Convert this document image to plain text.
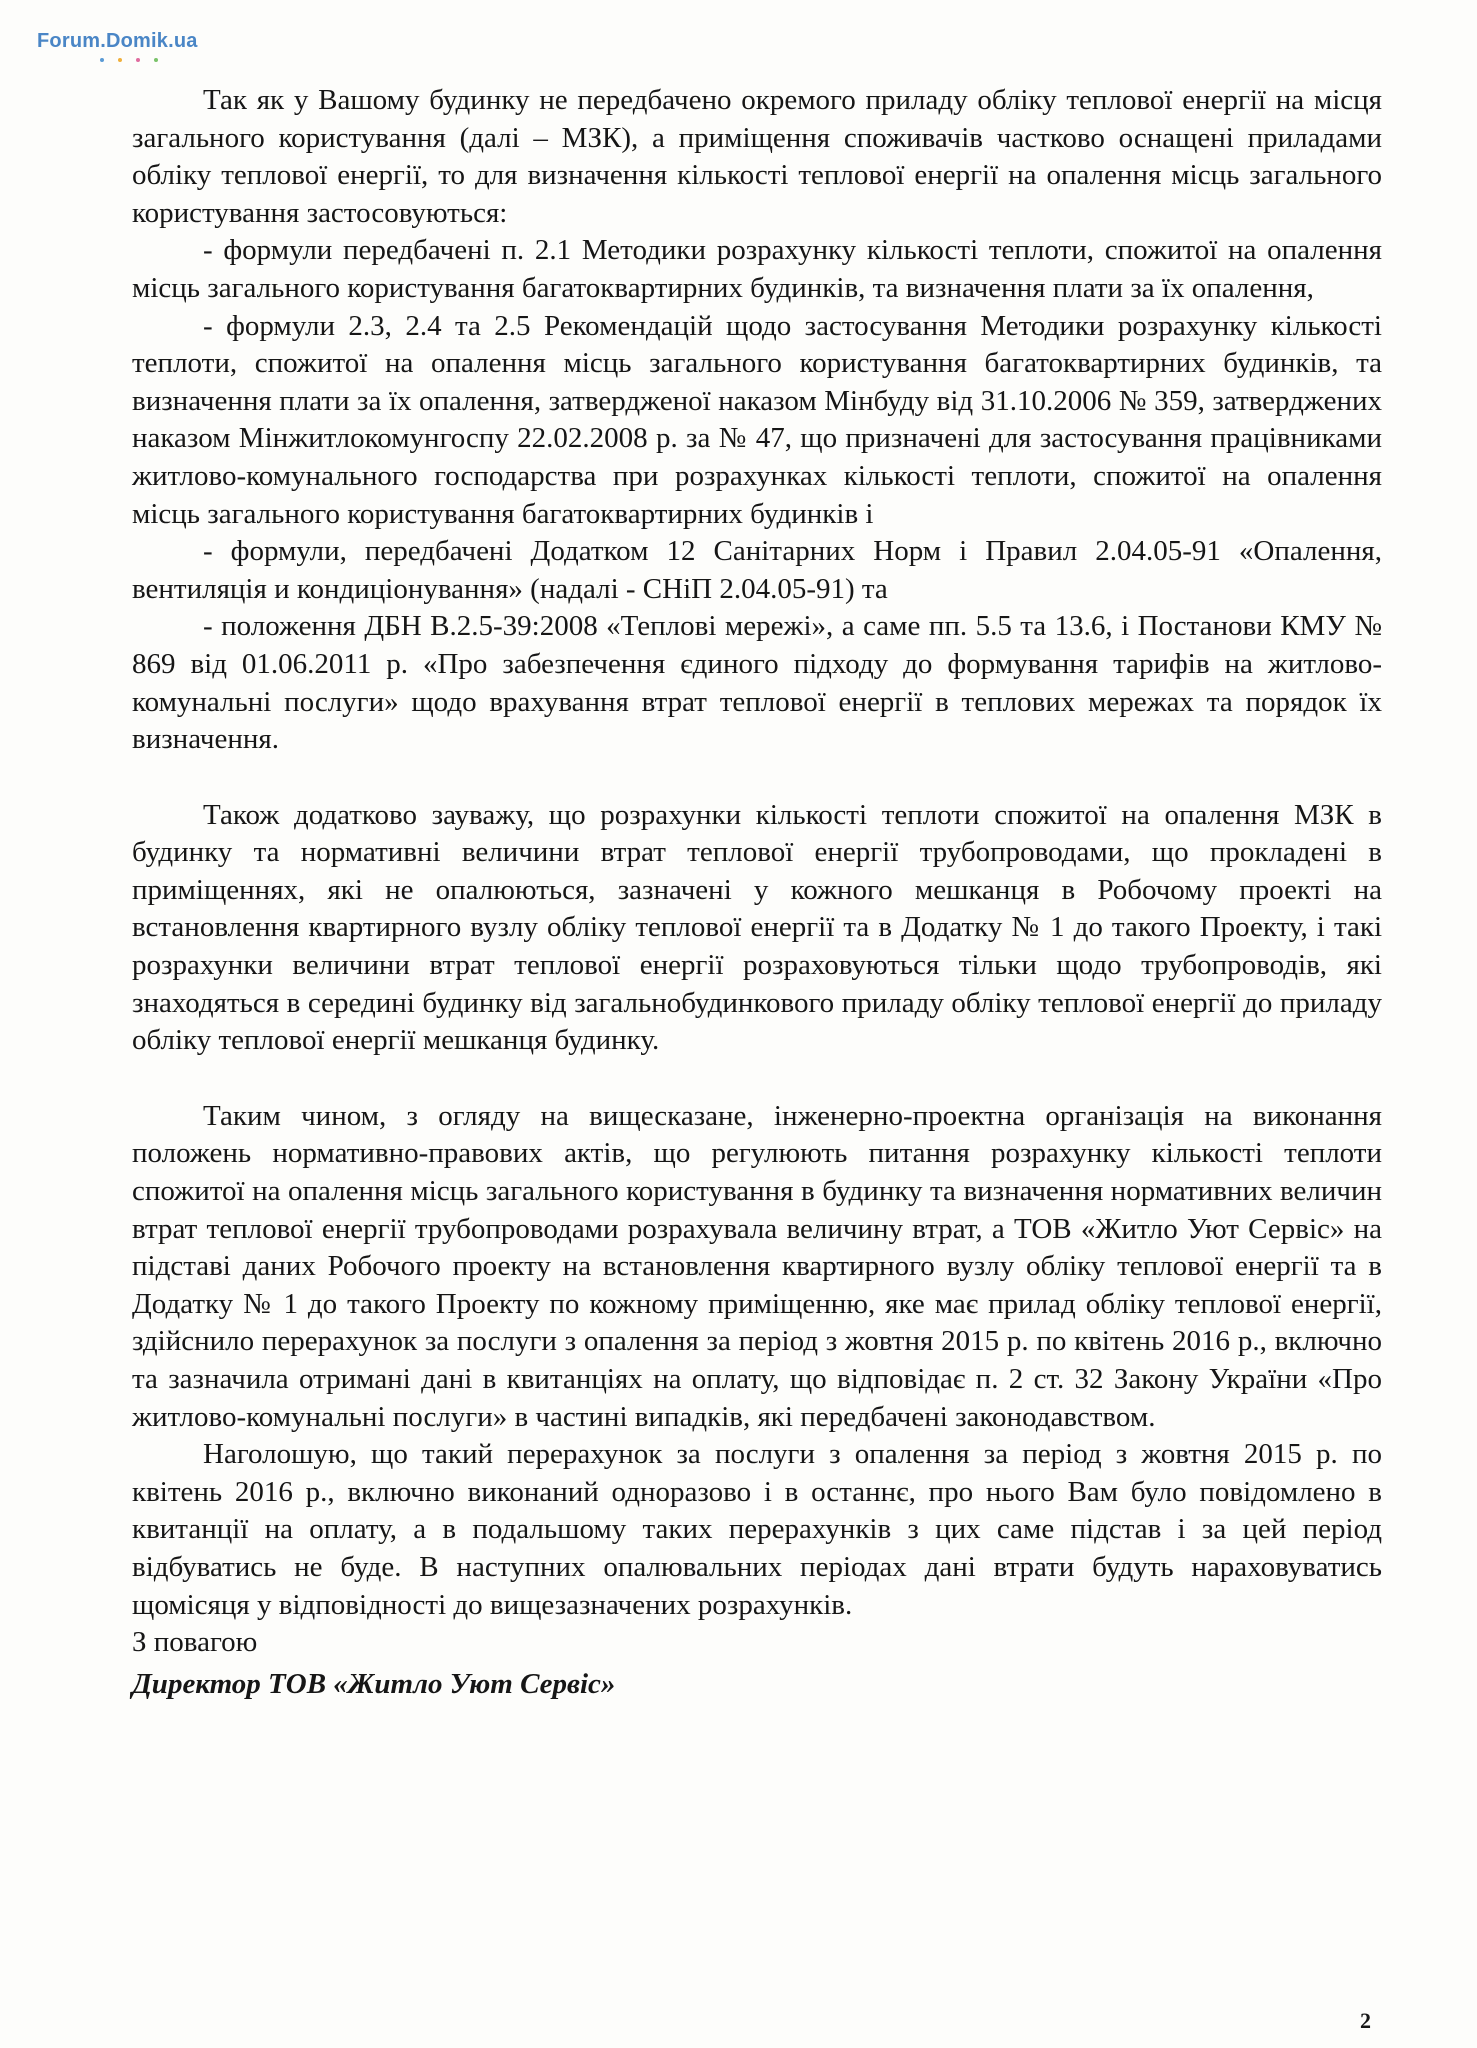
Forum.Domik.ua

Так як у Вашому будинку не передбачено окремого приладу обліку теплової енергії на місця загального користування (далі – МЗК), а приміщення споживачів частково оснащені приладами обліку теплової енергії, то для визначення кількості теплової енергії на опалення місць загального користування застосовуються:

- формули передбачені п. 2.1 Методики розрахунку кількості теплоти, спожитої на опалення місць загального користування багатоквартирних будинків, та визначення плати за їх опалення,

- формули 2.3, 2.4 та 2.5 Рекомендацій щодо застосування Методики розрахунку кількості теплоти, спожитої на опалення місць загального користування багатоквартирних будинків, та визначення плати за їх опалення, затвердженої наказом Мінбуду від 31.10.2006 № 359, затверджених наказом Мінжитлокомунгоспу 22.02.2008 р. за № 47, що призначені для застосування працівниками житлово-комунального господарства при розрахунках кількості теплоти, спожитої на опалення місць загального користування багатоквартирних будинків і

- формули, передбачені Додатком 12 Санітарних Норм і Правил 2.04.05-91 «Опалення, вентиляція и кондиціонування» (надалі - СНіП 2.04.05-91) та

- положення ДБН В.2.5-39:2008 «Теплові мережі», а саме пп. 5.5 та 13.6, і Постанови КМУ № 869 від 01.06.2011 р. «Про забезпечення єдиного підходу до формування тарифів на житлово-комунальні послуги» щодо врахування втрат теплової енергії в теплових мережах та порядок їх визначення.

Також додатково зауважу, що розрахунки кількості теплоти спожитої на опалення МЗК в будинку та нормативні величини втрат теплової енергії трубопроводами, що прокладені в приміщеннях, які не опалюються, зазначені у кожного мешканця в Робочому проекті на встановлення квартирного вузлу обліку теплової енергії та в Додатку № 1 до такого Проекту, і такі розрахунки величини втрат теплової енергії розраховуються тільки щодо трубопроводів, які знаходяться в середині будинку від загальнобудинкового приладу обліку теплової енергії до приладу обліку теплової енергії мешканця будинку.

Таким чином, з огляду на вищесказане, інженерно-проектна організація на виконання положень нормативно-правових актів, що регулюють питання розрахунку кількості теплоти спожитої на опалення місць загального користування в будинку та визначення нормативних величин втрат теплової енергії трубопроводами розрахувала величину втрат, а ТОВ «Житло Уют Сервіс» на підставі даних Робочого проекту на встановлення квартирного вузлу обліку теплової енергії та в Додатку № 1 до такого Проекту по кожному приміщенню, яке має прилад обліку теплової енергії, здійснило перерахунок за послуги з опалення за період з жовтня 2015 р. по квітень 2016 р., включно та зазначила отримані дані в квитанціях на оплату, що відповідає п. 2 ст. 32 Закону України «Про житлово-комунальні послуги» в частині випадків, які передбачені законодавством.

Наголошую, що такий перерахунок за послуги з опалення за період з жовтня 2015 р. по квітень 2016 р., включно виконаний одноразово і в останнє, про нього Вам було повідомлено в квитанції на оплату, а в подальшому таких перерахунків з цих саме підстав і за цей період відбуватись не буде. В наступних опалювальних періодах дані втрати будуть нараховуватись щомісяця у відповідності до вищезазначених розрахунків.

З повагою

Директор ТОВ «Житло Уют Сервіс»

2
